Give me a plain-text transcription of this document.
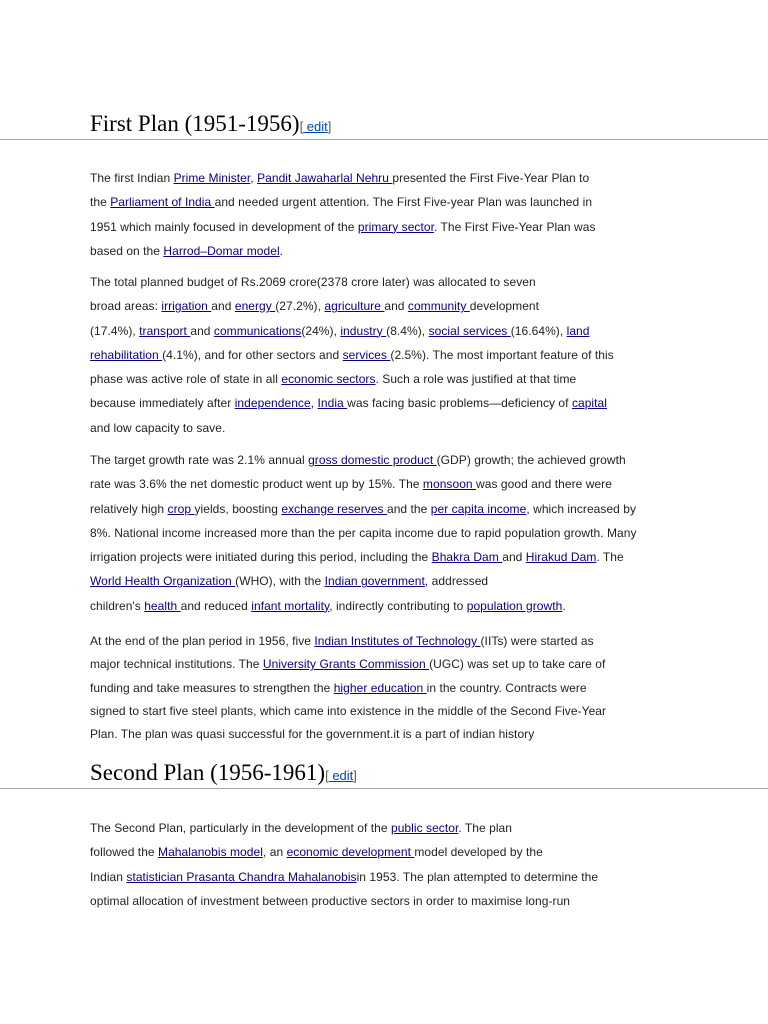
First Plan (1951-1956)[ edit]

The first Indian Prime Minister, Pandit Jawaharlal Nehru presented the First Five-Year Plan to
the Parliament of India and needed urgent attention. The First Five-year Plan was launched in
1951 which mainly focused in development of the primary sector. The First Five-Year Plan was
based on the Harrod–Domar model.

The total planned budget of Rs.2069 crore(2378 crore later) was allocated to seven
broad areas: irrigation and energy (27.2%), agriculture and community development
(17.4%), transport and communications(24%), industry (8.4%), social services (16.64%), land
rehabilitation (4.1%), and for other sectors and services (2.5%). The most important feature of this
phase was active role of state in all economic sectors. Such a role was justified at that time
because immediately after independence, India was facing basic problems—deficiency of capital
and low capacity to save.

The target growth rate was 2.1% annual gross domestic product (GDP) growth; the achieved growth
rate was 3.6% the net domestic product went up by 15%. The monsoon was good and there were
relatively high crop yields, boosting exchange reserves and the per capita income, which increased by
8%. National income increased more than the per capita income due to rapid population growth. Many
irrigation projects were initiated during this period, including the Bhakra Dam and Hirakud Dam. The
World Health Organization (WHO), with the Indian government, addressed
children's health and reduced infant mortality, indirectly contributing to population growth.

At the end of the plan period in 1956, five Indian Institutes of Technology (IITs) were started as
major technical institutions. The University Grants Commission (UGC) was set up to take care of
funding and take measures to strengthen the higher education in the country. Contracts were
signed to start five steel plants, which came into existence in the middle of the Second Five-Year
Plan. The plan was quasi successful for the government.it is a part of indian history

Second Plan (1956-1961)[ edit]

The Second Plan, particularly in the development of the public sector. The plan
followed the Mahalanobis model, an economic development model developed by the
Indian statistician Prasanta Chandra Mahalanobisin 1953. The plan attempted to determine the
optimal allocation of investment between productive sectors in order to maximise long-run
